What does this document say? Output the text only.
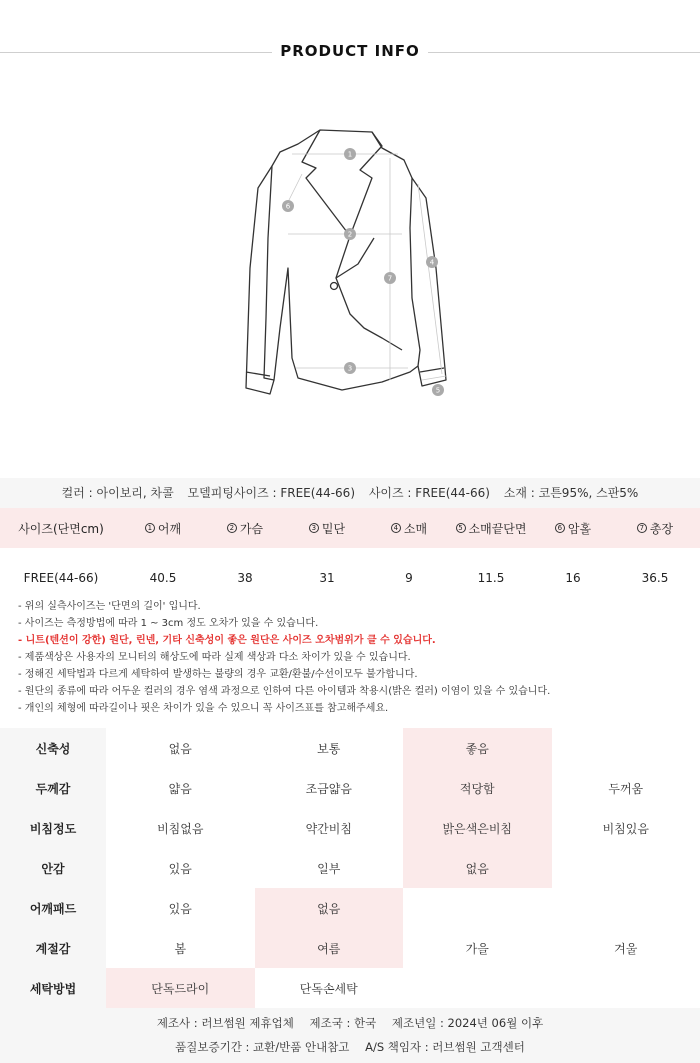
PRODUCT INFO
1
2
3
4
5
6
7
컬러 : 아이보리, 차콜 모델피팅사이즈 : FREE(44-66) 사이즈 : FREE(44-66) 소재 : 코튼95%, 스판5%
사이즈(단면cm)	1 어깨	2 가슴	3 밑단	4 소매	5 소매끝단면	6 암홀	7 총장
FREE(44-66)	40.5	38	31	9	11.5	16	36.5
- 위의 실측사이즈는 '단면의 길이' 입니다.
- 사이즈는 측정방법에 따라 1 ~ 3cm 정도 오차가 있을 수 있습니다.
- 니트(텐션이 강한) 원단, 린넨, 기타 신축성이 좋은 원단은 사이즈 오차범위가 클 수 있습니다.
- 제품색상은 사용자의 모니터의 해상도에 따라 실제 색상과 다소 차이가 있을 수 있습니다.
- 정해진 세탁법과 다르게 세탁하여 발생하는 불량의 경우 교환/환불/수선이모두 불가합니다.
- 원단의 종류에 따라 어두운 컬러의 경우 염색 과정으로 인하여 다른 아이템과 착용시(밝은 컬러) 이염이 있을 수 있습니다.
- 개인의 체형에 따라길이나 핏은 차이가 있을 수 있으니 꼭 사이즈표를 참고해주세요.
신축성	없음	보통	좋음
두께감	얇음	조금얇음	적당함	두꺼움
비침정도	비침없음	약간비침	밝은색은비침	비침있음
안감	있음	일부	없음
어깨패드	있음	없음
계절감	봄	여름	가을	겨울
세탁방법	단독드라이	단독손세탁
제조사 : 러브썸원 제휴업체 제조국 : 한국 제조년일 : 2024년 06월 이후
품질보증기간 : 교환/반품 안내참고 A/S 책임자 : 러브썸원 고객센터
